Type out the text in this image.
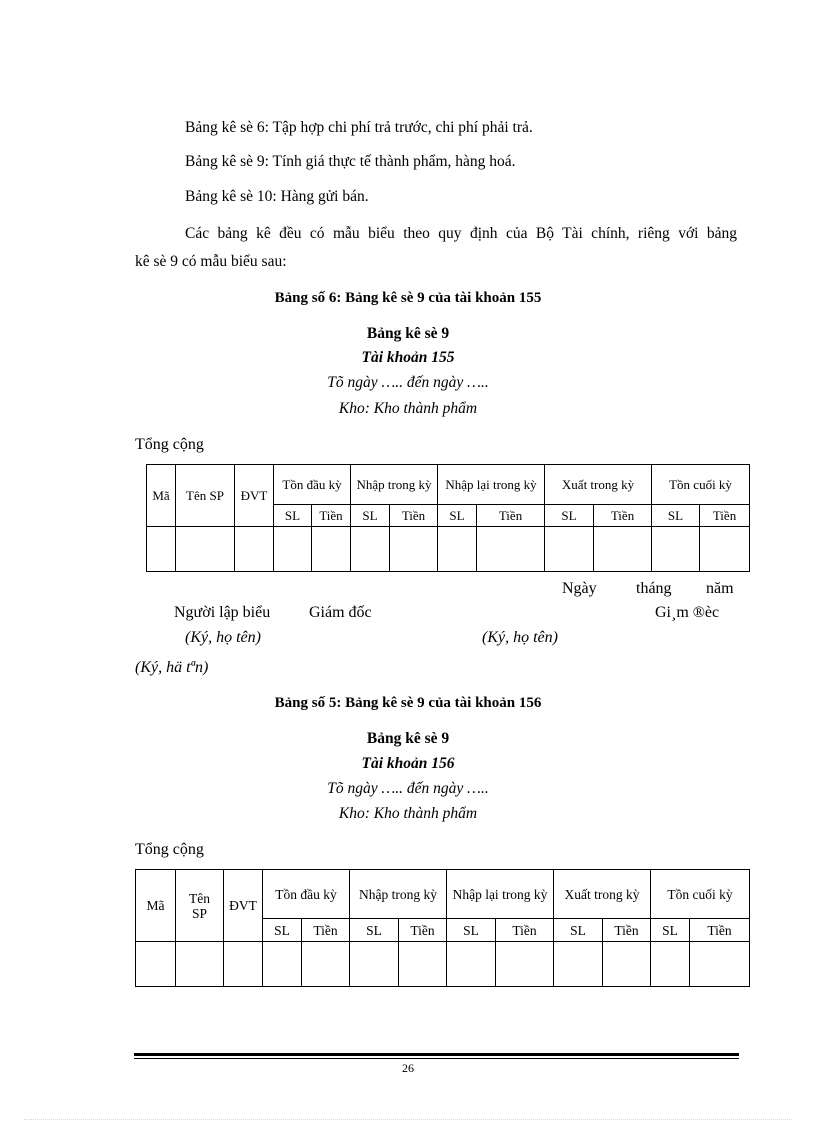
Bảng kê sè 6: Tập hợp chi phí trả trước, chi phí phải trả.
Bảng kê sè 9: Tính giá thực tế thành phẩm, hàng hoá.
Bảng kê sè 10: Hàng gửi bán.
Các bảng kê đều có mẫu biểu theo quy định của Bộ Tài chính, riêng với bảng
kê sè 9 có mẫu biểu sau:
Bảng số 6: Bảng kê sè 9 của tài khoản 155
Bảng kê sè 9
Tài khoản 155
Tõ ngày ….. đến ngày …..
Kho: Kho thành phẩm
Tổng cộng
Mã	Tên SP	ĐVT	Tồn đầu kỳ		Nhập trong kỳ		Nhập lại trong kỳ		Xuất trong kỳ		Tồn cuối kỳ	
			SL	Tiền	SL	Tiền	SL	Tiền	SL	Tiền	SL	Tiền

Ngày tháng năm
Người lập biểu Giám đốc	Gi¸m ®èc
(Ký, họ tên)	(Ký, họ tên)
(Ký, hä tªn)
Bảng số 5: Bảng kê sè 9 của tài khoản 156
Bảng kê sè 9
Tài khoản 156
Tõ ngày ….. đến ngày …..
Kho: Kho thành phẩm
Tổng cộng
Mã	Tên SP	ĐVT	Tồn đầu kỳ		Nhập trong kỳ		Nhập lại trong kỳ		Xuất trong kỳ		Tồn cuối kỳ	
			SL	Tiền	SL	Tiền	SL	Tiền	SL	Tiền	SL	Tiền

26
